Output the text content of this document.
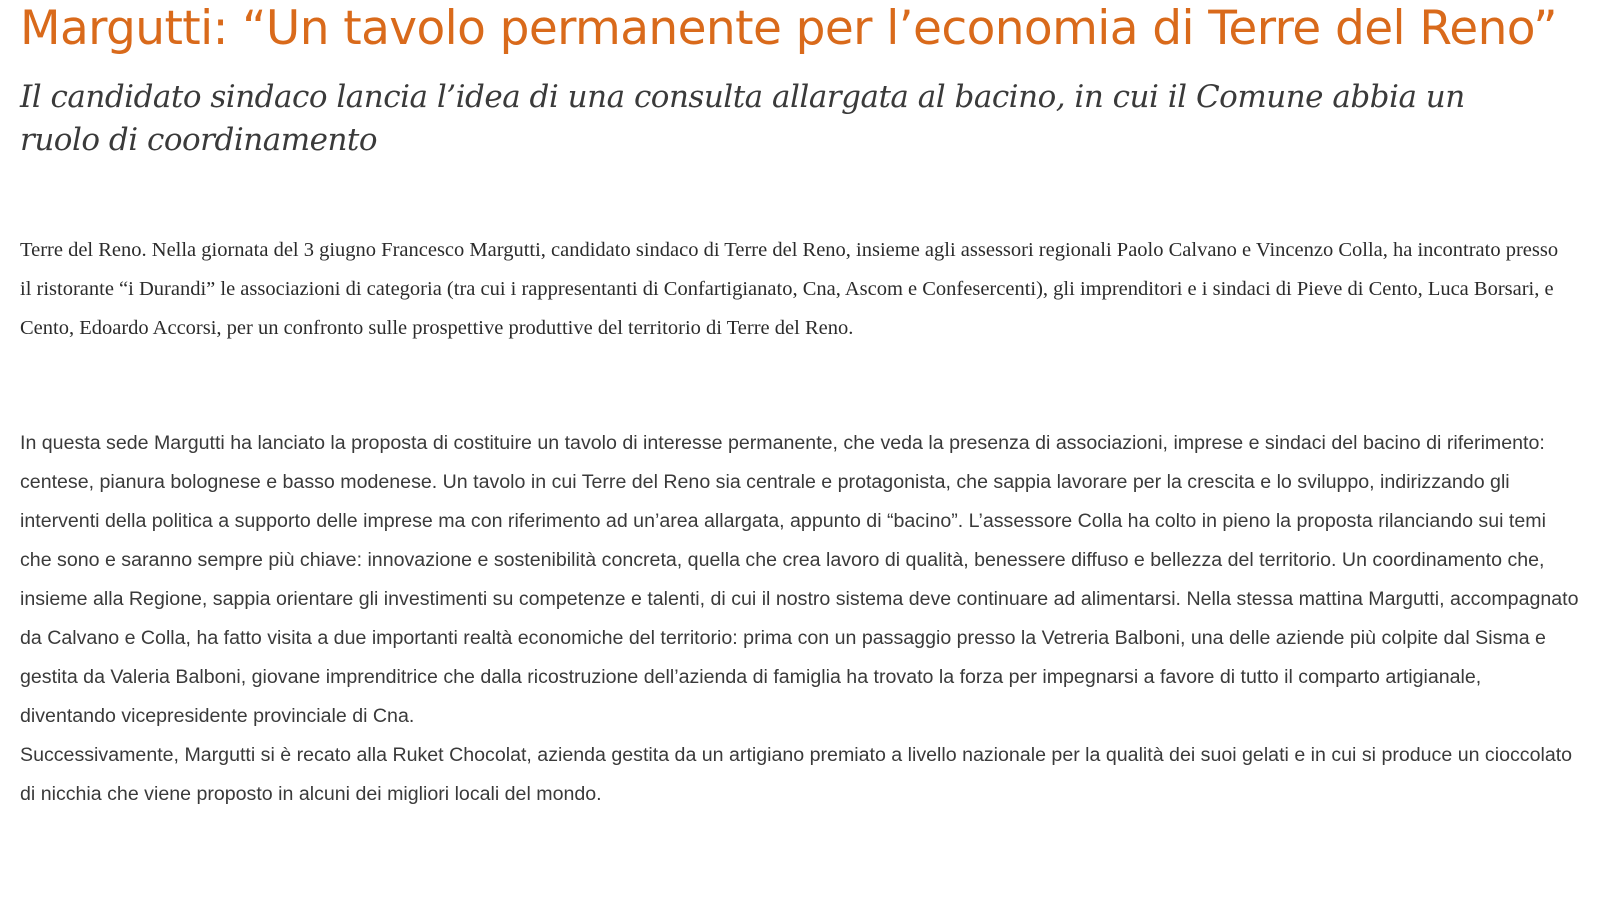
Margutti: “Un tavolo permanente per l’economia di Terre del Reno”
Il candidato sindaco lancia l’idea di una consulta allargata al bacino, in cui il Comune abbia un ruolo di coordinamento

Terre del Reno. Nella giornata del 3 giugno Francesco Margutti, candidato sindaco di Terre del Reno, insieme agli assessori regionali Paolo Calvano e Vincenzo Colla, ha incontrato presso il ristorante “i Durandi” le associazioni di categoria (tra cui i rappresentanti di Confartigianato, Cna, Ascom e Confesercenti), gli imprenditori e i sindaci di Pieve di Cento, Luca Borsari, e Cento, Edoardo Accorsi, per un confronto sulle prospettive produttive del territorio di Terre del Reno.

In questa sede Margutti ha lanciato la proposta di costituire un tavolo di interesse permanente, che veda la presenza di associazioni, imprese e sindaci del bacino di riferimento: centese, pianura bolognese e basso modenese. Un tavolo in cui Terre del Reno sia centrale e protagonista, che sappia lavorare per la crescita e lo sviluppo, indirizzando gli interventi della politica a supporto delle imprese ma con riferimento ad un’area allargata, appunto di “bacino”. L’assessore Colla ha colto in pieno la proposta rilanciando sui temi che sono e saranno sempre più chiave: innovazione e sostenibilità concreta, quella che crea lavoro di qualità, benessere diffuso e bellezza del territorio. Un coordinamento che, insieme alla Regione, sappia orientare gli investimenti su competenze e talenti, di cui il nostro sistema deve continuare ad alimentarsi. Nella stessa mattina Margutti, accompagnato da Calvano e Colla, ha fatto visita a due importanti realtà economiche del territorio: prima con un passaggio presso la Vetreria Balboni, una delle aziende più colpite dal Sisma e gestita da Valeria Balboni, giovane imprenditrice che dalla ricostruzione dell’azienda di famiglia ha trovato la forza per impegnarsi a favore di tutto il comparto artigianale, diventando vicepresidente provinciale di Cna.

Successivamente, Margutti si è recato alla Ruket Chocolat, azienda gestita da un artigiano premiato a livello nazionale per la qualità dei suoi gelati e in cui si produce un cioccolato di nicchia che viene proposto in alcuni dei migliori locali del mondo.
